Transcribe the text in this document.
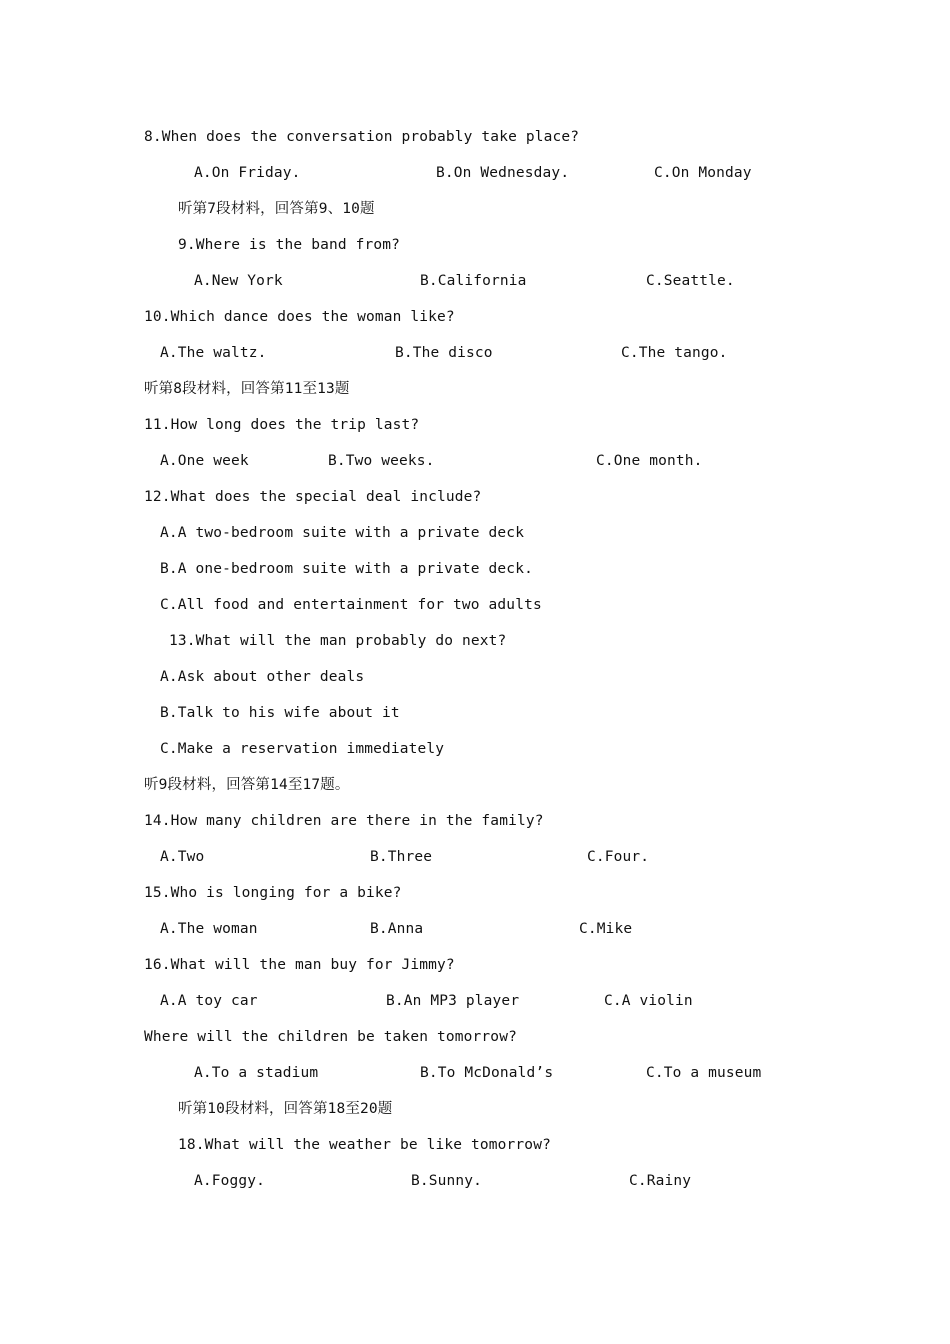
8.When does the conversation probably take place?
A.On Friday.	B.On Wednesday.	C.On Monday
听第7段材料，回答第9、10题
9.Where is the band from?
A.New York	B.California	C.Seattle.
10.Which dance does the woman like?
A.The waltz.	B.The disco	C.The tango.
听第8段材料，回答第11至13题
11.How long does the trip last?
A.One week	B.Two weeks.	C.One month.
12.What does the special deal include?
A.A two-bedroom suite with a private deck
B.A one-bedroom suite with a private deck.
C.All food and entertainment for two adults
13.What will the man probably do next?
A.Ask about other deals
B.Talk to his wife about it
C.Make a reservation immediately
听9段材料，回答第14至17题。
14.How many children are there in the family?
A.Two	B.Three	C.Four.
15.Who is longing for a bike?
A.The woman	B.Anna	C.Mike
16.What will the man buy for Jimmy?
A.A toy car	B.An MP3 player	C.A violin
Where will the children be taken tomorrow?
A.To a stadium	B.To McDonald’s	C.To a museum
听第10段材料，回答第18至20题
18.What will the weather be like tomorrow?
A.Foggy.	B.Sunny.	C.Rainy
